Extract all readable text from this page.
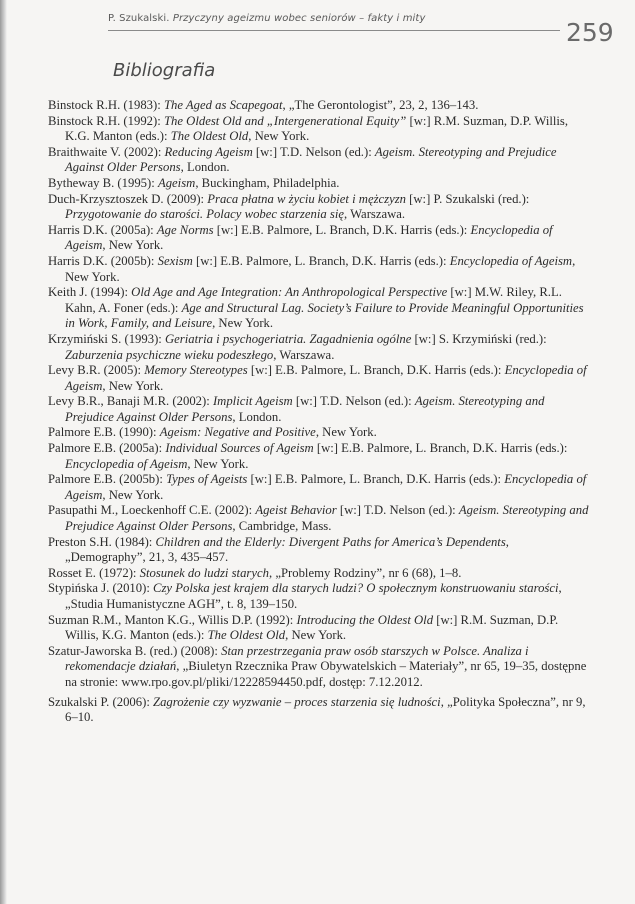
P. Szukalski. Przyczyny ageizmu wobec seniorów – fakty i mity	259
Bibliografia
Binstock R.H. (1983): The Aged as Scapegoat, „The Gerontologist”, 23, 2, 136–143.
Binstock R.H. (1992): The Oldest Old and „Intergenerational Equity” [w:] R.M. Suzman, D.P. Willis, K.G. Manton (eds.): The Oldest Old, New York.
Braithwaite V. (2002): Reducing Ageism [w:] T.D. Nelson (ed.): Ageism. Stereotyping and Prejudice Against Older Persons, London.
Bytheway B. (1995): Ageism, Buckingham, Philadelphia.
Duch-Krzysztoszek D. (2009): Praca płatna w życiu kobiet i mężczyzn [w:] P. Szukalski (red.): Przygotowanie do starości. Polacy wobec starzenia się, Warszawa.
Harris D.K. (2005a): Age Norms [w:] E.B. Palmore, L. Branch, D.K. Harris (eds.): Encyclopedia of Ageism, New York.
Harris D.K. (2005b): Sexism [w:] E.B. Palmore, L. Branch, D.K. Harris (eds.): Encyclopedia of Ageism, New York.
Keith J. (1994): Old Age and Age Integration: An Anthropological Perspective [w:] M.W. Riley, R.L. Kahn, A. Foner (eds.): Age and Structural Lag. Society’s Failure to Provide Meaningful Opportunities in Work, Family, and Leisure, New York.
Krzymiński S. (1993): Geriatria i psychogeriatria. Zagadnienia ogólne [w:] S. Krzymiński (red.): Zaburzenia psychiczne wieku podeszłego, Warszawa.
Levy B.R. (2005): Memory Stereotypes [w:] E.B. Palmore, L. Branch, D.K. Harris (eds.): Encyclopedia of Ageism, New York.
Levy B.R., Banaji M.R. (2002): Implicit Ageism [w:] T.D. Nelson (ed.): Ageism. Stereotyping and Prejudice Against Older Persons, London.
Palmore E.B. (1990): Ageism: Negative and Positive, New York.
Palmore E.B. (2005a): Individual Sources of Ageism [w:] E.B. Palmore, L. Branch, D.K. Harris (eds.): Encyclopedia of Ageism, New York.
Palmore E.B. (2005b): Types of Ageists [w:] E.B. Palmore, L. Branch, D.K. Harris (eds.): Encyclopedia of Ageism, New York.
Pasupathi M., Loeckenhoff C.E. (2002): Ageist Behavior [w:] T.D. Nelson (ed.): Ageism. Stereotyping and Prejudice Against Older Persons, Cambridge, Mass.
Preston S.H. (1984): Children and the Elderly: Divergent Paths for America’s Dependents, „Demography”, 21, 3, 435–457.
Rosset E. (1972): Stosunek do ludzi starych, „Problemy Rodziny”, nr 6 (68), 1–8.
Stypińska J. (2010): Czy Polska jest krajem dla starych ludzi? O społecznym konstruowaniu starości, „Studia Humanistyczne AGH”, t. 8, 139–150.
Suzman R.M., Manton K.G., Willis D.P. (1992): Introducing the Oldest Old [w:] R.M. Suzman, D.P. Willis, K.G. Manton (eds.): The Oldest Old, New York.
Szatur-Jaworska B. (red.) (2008): Stan przestrzegania praw osób starszych w Polsce. Analiza i rekomendacje działań, „Biuletyn Rzecznika Praw Obywatelskich – Materiały”, nr 65, 19–35, dostępne na stronie: www.rpo.gov.pl/pliki/12228594450.pdf, dostęp: 7.12.2012.
Szukalski P. (2006): Zagrożenie czy wyzwanie – proces starzenia się ludności, „Polityka Społeczna”, nr 9, 6–10.
